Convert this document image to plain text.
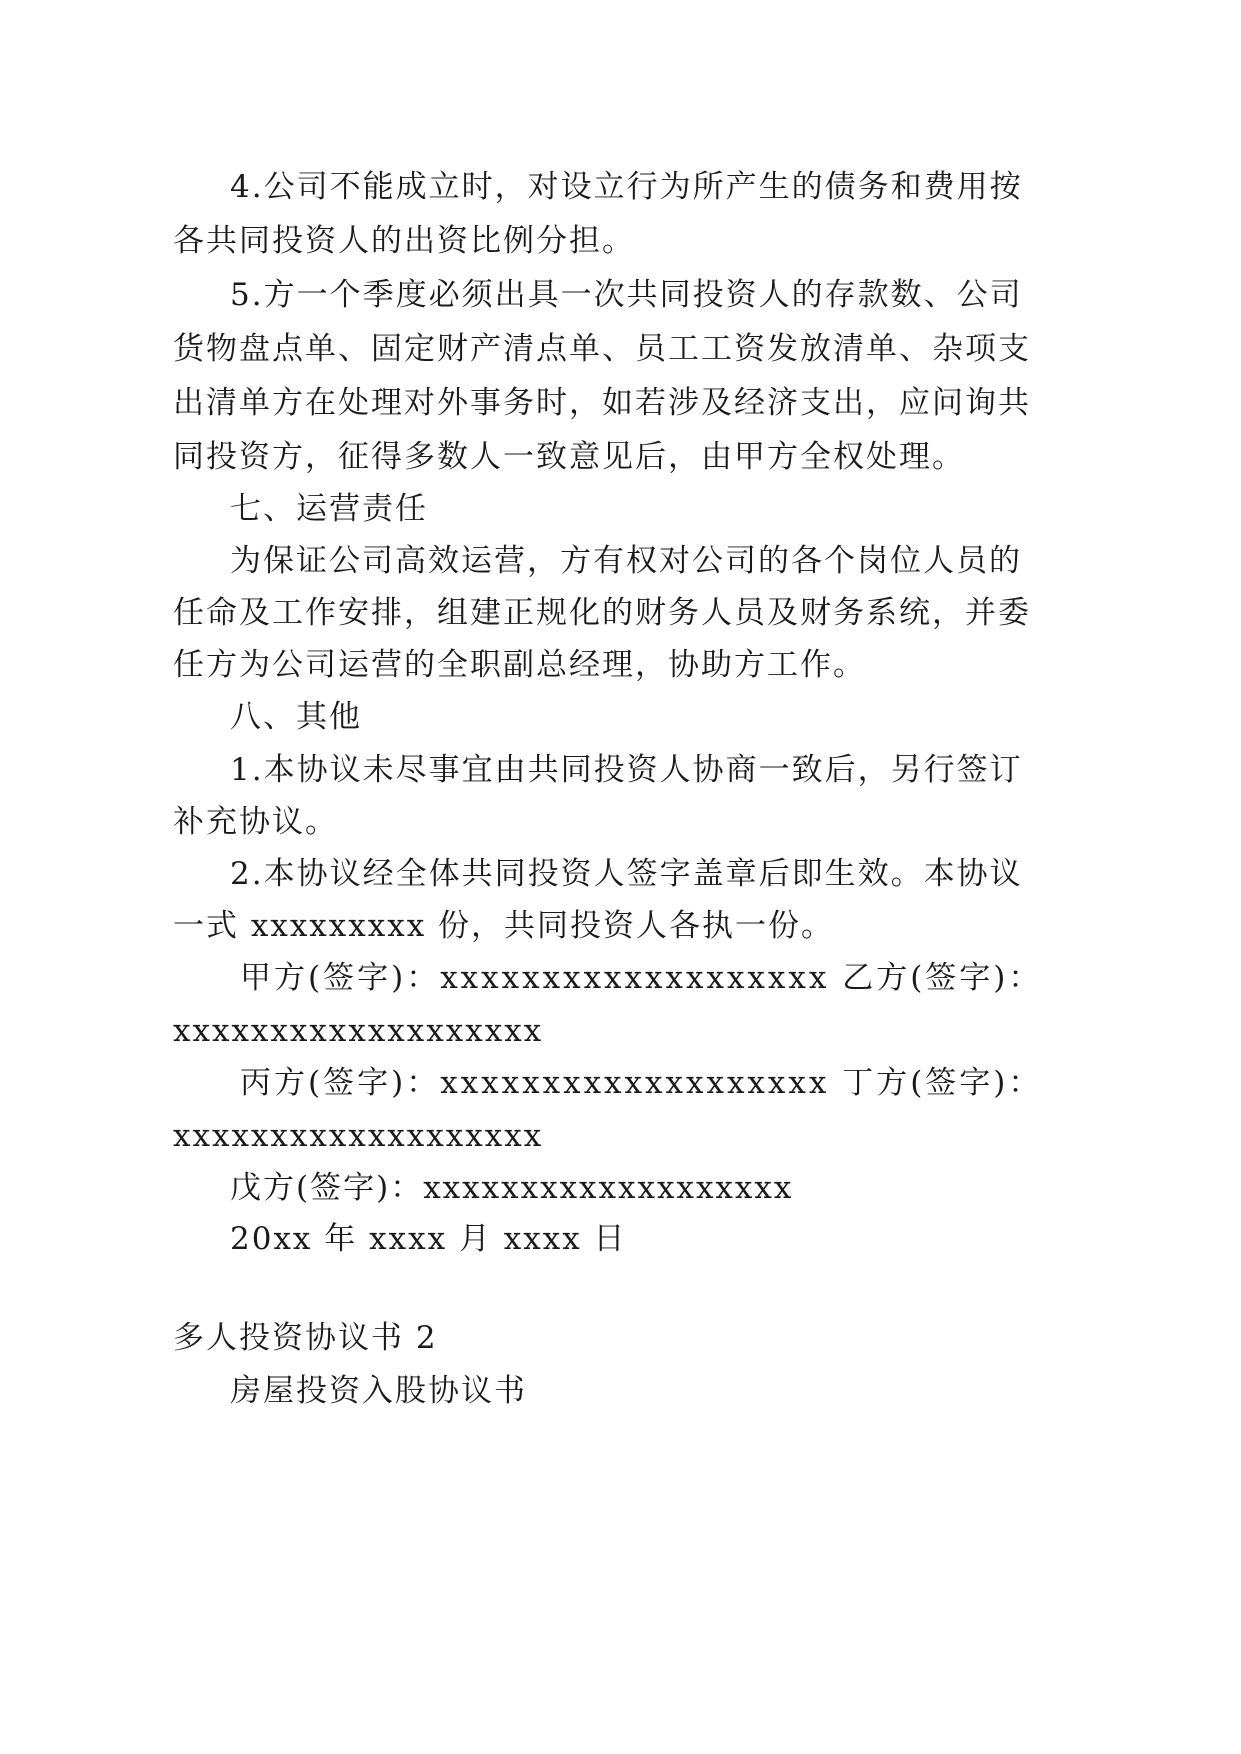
4.公司不能成立时，对设立行为所产生的债务和费用按
各共同投资人的出资比例分担。
5.方一个季度必须出具一次共同投资人的存款数、公司
货物盘点单、固定财产清点单、员工工资发放清单、杂项支
出清单方在处理对外事务时，如若涉及经济支出，应问询共
同投资方，征得多数人一致意见后，由甲方全权处理。
七、运营责任
为保证公司高效运营，方有权对公司的各个岗位人员的
任命及工作安排，组建正规化的财务人员及财务系统，并委
任方为公司运营的全职副总经理，协助方工作。
八、其他
1.本协议未尽事宜由共同投资人协商一致后，另行签订
补充协议。
2.本协议经全体共同投资人签字盖章后即生效。本协议
一式 xxxxxxxxx 份，共同投资人各执一份。
甲方(签字)：xxxxxxxxxxxxxxxxxxx 乙方(签字)：
xxxxxxxxxxxxxxxxxxx
丙方(签字)：xxxxxxxxxxxxxxxxxxx 丁方(签字)：
xxxxxxxxxxxxxxxxxxx
戊方(签字)：xxxxxxxxxxxxxxxxxxx
20xx 年 xxxx 月 xxxx 日
多人投资协议书 2
房屋投资入股协议书
